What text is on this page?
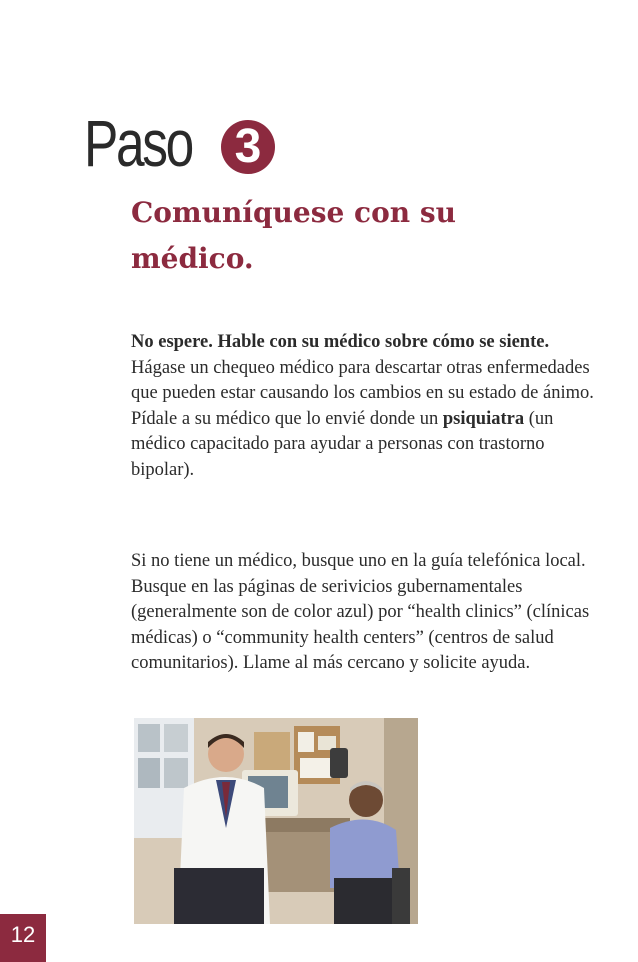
Paso 3
Comuníquese con su médico.

No espere. Hable con su médico sobre cómo se siente. Hágase un chequeo médico para descartar otras enfermedades que pueden estar causando los cambios en su estado de ánimo. Pídale a su médico que lo envié donde un psiquiatra (un médico capacitado para ayudar a personas con trastorno bipolar).

Si no tiene un médico, busque uno en la guía telefónica local. Busque en las páginas de serivicios gubernamentales (generalmente son de color azul) por “health clinics” (clínicas médicas) o “community health centers” (centros de salud comunitarios). Llame al más cercano y solicite ayuda.

12
